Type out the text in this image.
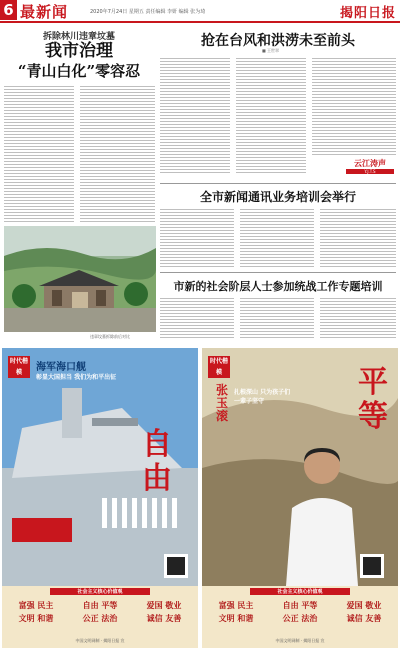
6 最新闻	2020年7月24日 星期五 责任编辑 李妍 编辑 张为琦	揭阳日报
拆除林川违章坟墓
我市治理
“青山白化”零容忍
违章坟墓拆除前后对比
抢在台风和洪涝未至前头
■ 王世翠
云江涛声
Y.J.T.S
全市新闻通讯业务培训会举行
市新的社会阶层人士参加统战工作专题培训
时代楷模	海军海口舰
彰显大国担当 我们为和平出征
自由
社会主义核心价值观
富强 民主	自由 平等	爱国 敬业
文明 和谐	公正 法治	诚信 友善
中国文明网制 · 揭阳日报 宣
时代楷模
张玉滚
扎根深山 只为孩子们 一辈子坚守
平等
社会主义核心价值观
富强 民主	自由 平等	爱国 敬业
文明 和谐	公正 法治	诚信 友善
中国文明网制 · 揭阳日报 宣
